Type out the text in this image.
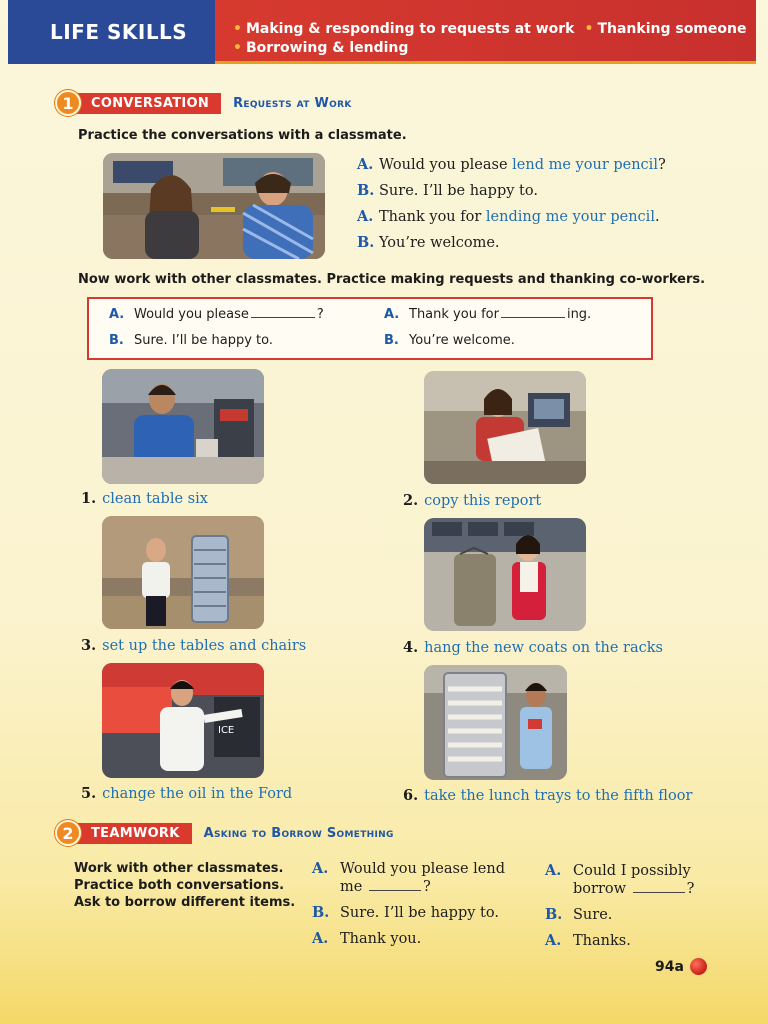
LIFE SKILLS	• Making & responding to requests at work • Thanking someone
• Borrowing & lending
1	CONVERSATION	Requests at Work
Practice the conversations with a classmate.
A. Would you please lend me your pencil?
B. Sure. I’ll be happy to.
A. Thank you for lending me your pencil.
B. You’re welcome.
Now work with other classmates. Practice making requests and thanking co-workers.
A. Would you please	?
B. Sure. I’ll be happy to.
A. Thank you for	ing.
B. You’re welcome.
1. clean table six	2. copy this report
3. set up the tables and chairs	4. hang the new coats on the racks
ICE
5. change the oil in the Ford	6. take the lunch trays to the fifth floor
2	TEAMWORK	Asking to Borrow Something
Work with other classmates.
Practice both conversations.
Ask to borrow different items.
A. Would you please lend
me	?
B. Sure. I’ll be happy to.
A. Thank you.
A. Could I possibly
borrow	?
B. Sure.
A. Thanks.
94a
